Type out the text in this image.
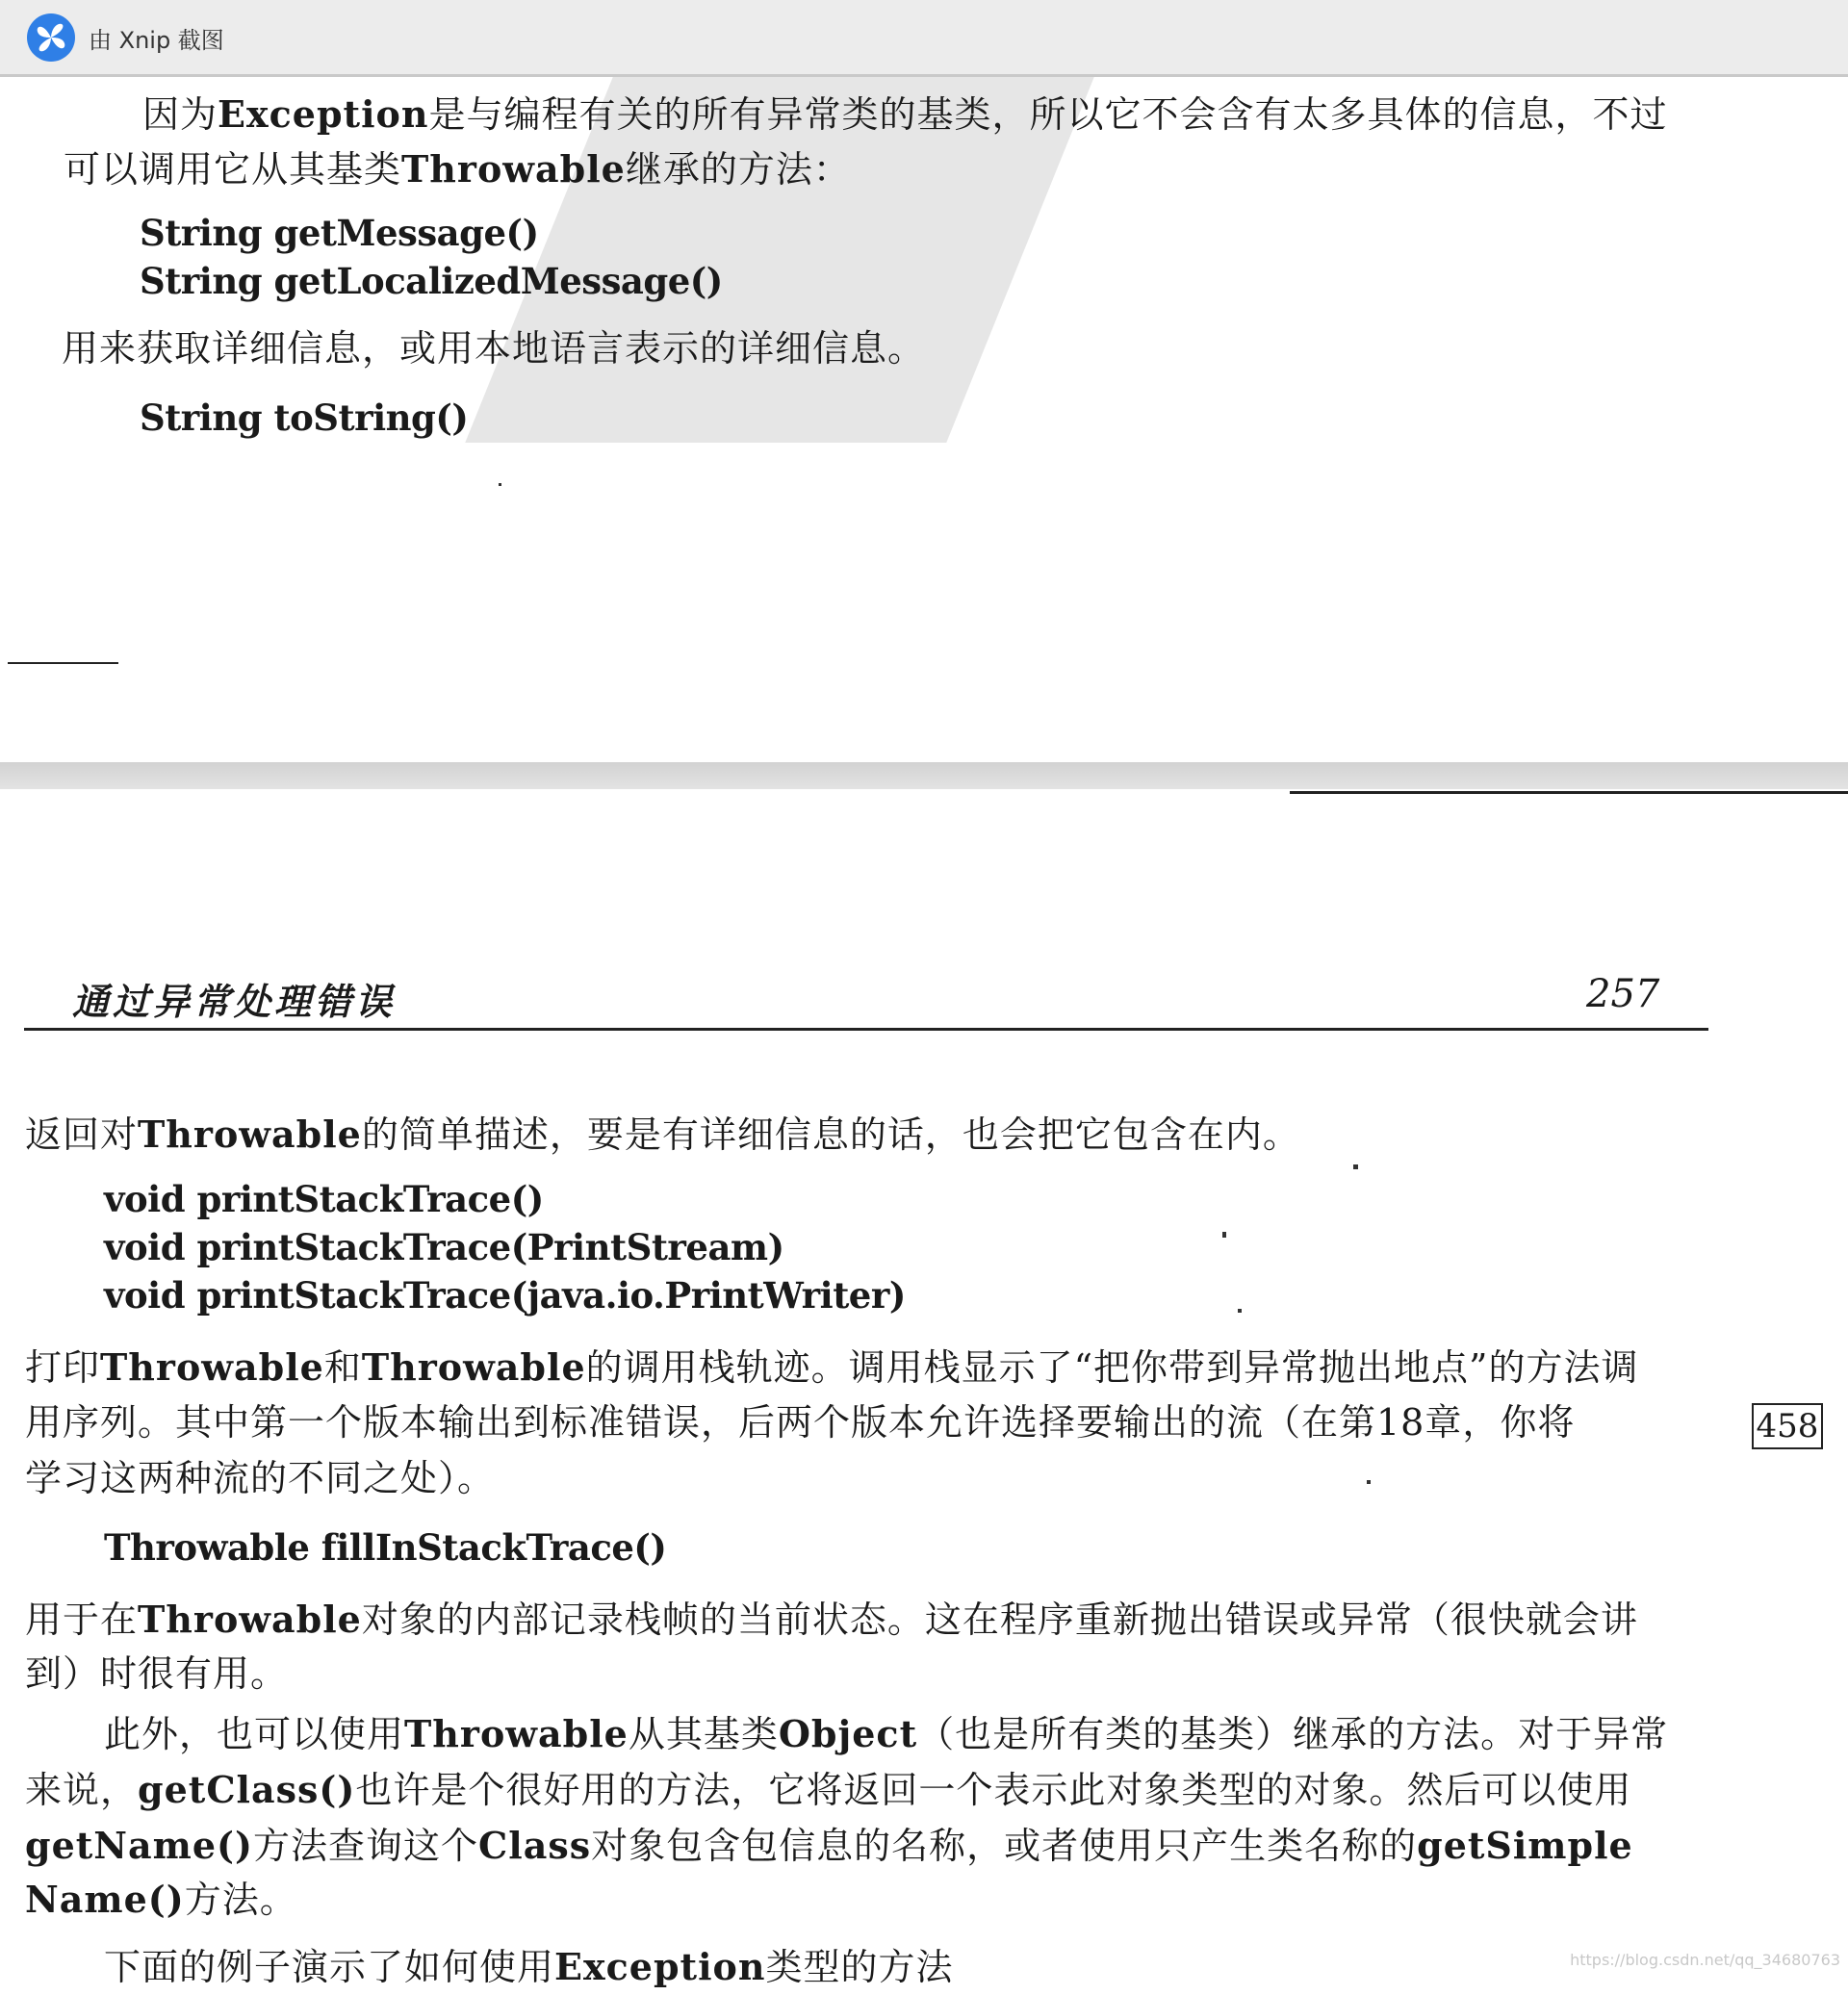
由 Xnip 截图
因为Exception是与编程有关的所有异常类的基类，所以它不会含有太多具体的信息，不过
可以调用它从其基类Throwable继承的方法：
String getMessage()
String getLocalizedMessage()
用来获取详细信息，或用本地语言表示的详细信息。
String toString()
通过异常处理错误	257
返回对Throwable的简单描述，要是有详细信息的话，也会把它包含在内。
void printStackTrace()
void printStackTrace(PrintStream)
void printStackTrace(java.io.PrintWriter)
打印Throwable和Throwable的调用栈轨迹。调用栈显示了“把你带到异常抛出地点”的方法调
用序列。其中第一个版本输出到标准错误，后两个版本允许选择要输出的流（在第18章，你将	458
学习这两种流的不同之处）。
Throwable fillInStackTrace()
用于在Throwable对象的内部记录栈帧的当前状态。这在程序重新抛出错误或异常（很快就会讲
到）时很有用。
此外，也可以使用Throwable从其基类Object（也是所有类的基类）继承的方法。对于异常
来说，getClass()也许是个很好用的方法，它将返回一个表示此对象类型的对象。然后可以使用
getName()方法查询这个Class对象包含包信息的名称，或者使用只产生类名称的getSimple
Name()方法。
下面的例子演示了如何使用Exception类型的方法	https://blog.csdn.net/qq_34680763
